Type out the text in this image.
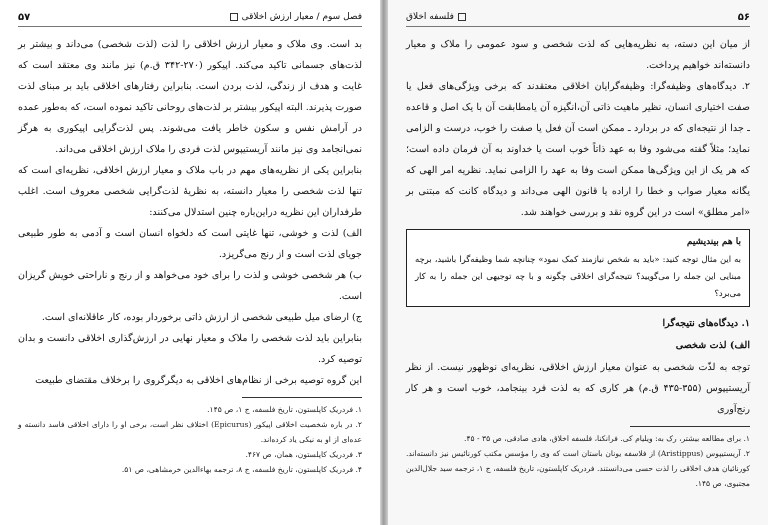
فصل سوم / معیار ارزش اخلاقی
۵۷

بد است. وی ملاک و معیار ارزش اخلاقی را لذت (لذت شخصی) می‌داند و بیشتر بر لذت‌های جسمانی تاکید می‌کند. اپیکور (۲۷۰-۳۴۲ ق.م) نیز مانند وی معتقد است که غایت و هدف از زندگی، لذت بردن است. بنابراین رفتارهای اخلاقی باید بر مبنای لذت صورت پذیرند. البته اپیکور بیشتر بر لذت‌های روحانی تاکید نموده است، که به‌طور عمده در آرامش نفس و سکون خاطر یافت می‌شوند. پس لذت‌گرایی اپیکوری به هرگز نمی‌انجامد وی نیز مانند آریستیپوس لذت فردی را ملاک ارزش اخلاقی می‌داند.

بنابراین یکی از نظریه‌های مهم در باب ملاک و معیار ارزش اخلاقی، نظریه‌ای است که تنها لذت شخصی را معیار دانسته، به نظریهٔ لذت‌گرایی شخصی معروف است. اغلب طرفداران این نظریه دراین‌باره چنین استدلال می‌کنند:

الف) لذت و خوشی، تنها غایتی است که دلخواه انسان است و آدمی به طور طبیعی جویای لذت است و از رنج می‌گریزد.

ب) هر شخصی خوشی و لذت را برای خود می‌خواهد و از رنج و ناراحتی خویش گریزان است.

ج) ارضای میل طبیعی شخصی از ارزش ذاتی برخوردار بوده، کار عاقلانه‌ای است.

بنابراین باید لذت شخصی را ملاک و معیار نهایی در ارزش‌گذاری اخلاقی دانست و بدان توصیه کرد.

این گروه توصیه برخی از نظام‌های اخلاقی به دیگرگروی را برخلاف مقتضای طبیعت

۱. فردریک کاپلستون، تاریخ فلسفه، ج ۱، ص ۱۴۵.

۲. در باره شخصیت اخلاقی اپیکور (Epicurus) اختلاف نظر است، برخی او را دارای اخلاقی فاسد دانسته و عده‌ای از او به نیکی یاد کرده‌اند.

۳. فردریک کاپلستون، همان، ص ۴۶۷.

۴. فردریک کاپلستون، تاریخ فلسفه، ج ۸، ترجمه بهاءالدین خرمشاهی، ص ۵۱.

۵۶
فلسفه اخلاق

از میان این دسته، به نظریه‌هایی که لذت شخصی و سود عمومی را ملاک و معیار دانسته‌اند خواهیم پرداخت.

۲. دیدگاه‌های وظیفه‌گرا: وظیفه‌گرایان اخلاقی معتقدند که برخی ویژگی‌های فعل یا صفت اختیاری انسان، نظیر ماهیت ذاتی آن،انگیزه آن یامطابقت آن با یک اصل و قاعده ـ جدا از نتیجه‌ای که در بردارد ـ ممکن است آن فعل یا صفت را خوب، درست و الزامی نماید؛ مثلاً گفته می‌شود وفا به عهد ذاتاً خوب است یا خداوند به آن فرمان داده است؛ که هر یک از این ویژگی‌ها ممکن است وفا به عهد را الزامی نماید. نظریه امر الهی که یگانه معیار صواب و خطا را اراده یا قانون الهی می‌داند و دیدگاه کانت که مبتنی بر «امر مطلق» است در این گروه نقد و بررسی خواهند شد.

با هم بیندیشیم
به این مثال توجه کنید: «باید به شخص نیازمند کمک نمود» چنانچه شما وظیفه‌گرا باشید، برچه مبنایی این جمله را می‌گویید؟ نتیجه‌گرای اخلاقی چگونه و با چه توجیهی این جمله را به کار می‌برد؟

۱. دیدگاه‌های نتیجه‌گرا

الف) لذت شخصی

توجه به لذّت شخصی به عنوان معیار ارزش اخلاقی، نظریه‌ای نوظهور نیست. از نظر آریستیپوس (۳۵۵-۴۳۵ ق.م) هر کاری که به لذت فرد بینجامد، خوب است و هر کار رنج‌آوری

۱. برای مطالعه بیشتر، رک به: ویلیام کی. فرانکنا، فلسفه اخلاق، هادی صادقی، ص ۳۵ - ۴۵.

۲. آریستیپوس (Aristippus) از فلاسفه یونان باستان است که وی را مؤسس مکتب کورنائیس نیز دانسته‌اند. کورنائیان هدف اخلاقی را لذت حسی می‌دانستند. فردریک کاپلستون، تاریخ فلسفه، ج ۱، ترجمه سید جلال‌الدین مجتبوی، ص ۱۴۵.
